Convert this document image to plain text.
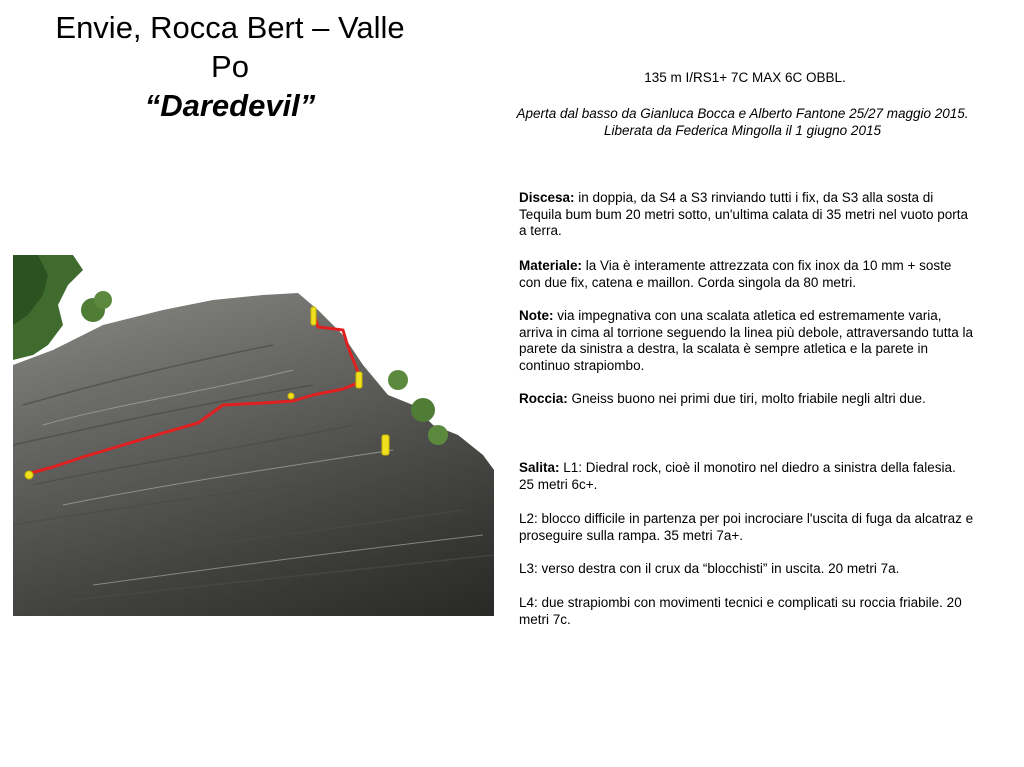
Envie, Rocca Bert – Valle
Po
“Daredevil”
135 m I/RS1+ 7C MAX 6C OBBL.
Aperta dal basso da Gianluca Bocca e Alberto Fantone 25/27 maggio 2015. Liberata da Federica Mingolla il 1 giugno 2015
Discesa: in doppia, da S4 a S3 rinviando tutti i fix, da S3 alla sosta di Tequila bum bum 20 metri sotto, un'ultima calata di 35 metri nel vuoto porta a terra.
Materiale: la Via è interamente attrezzata con fix inox da 10 mm + soste con due fix, catena e maillon. Corda singola da 80 metri.
Note: via impegnativa con una scalata atletica ed estremamente varia, arriva in cima al torrione seguendo la linea più debole, attraversando tutta la parete da sinistra a destra, la scalata è sempre atletica e la parete in continuo strapiombo.
Roccia: Gneiss buono nei primi due tiri, molto friabile negli altri due.
Salita: L1: Diedral rock, cioè il monotiro nel diedro a sinistra della falesia. 25 metri 6c+.
L2: blocco difficile in partenza per poi incrociare l'uscita di fuga da alcatraz e proseguire sulla rampa. 35 metri 7a+.
L3: verso destra con il crux da “blocchisti” in uscita. 20 metri 7a.
L4: due strapiombi con movimenti tecnici e complicati su roccia friabile. 20 metri 7c.
